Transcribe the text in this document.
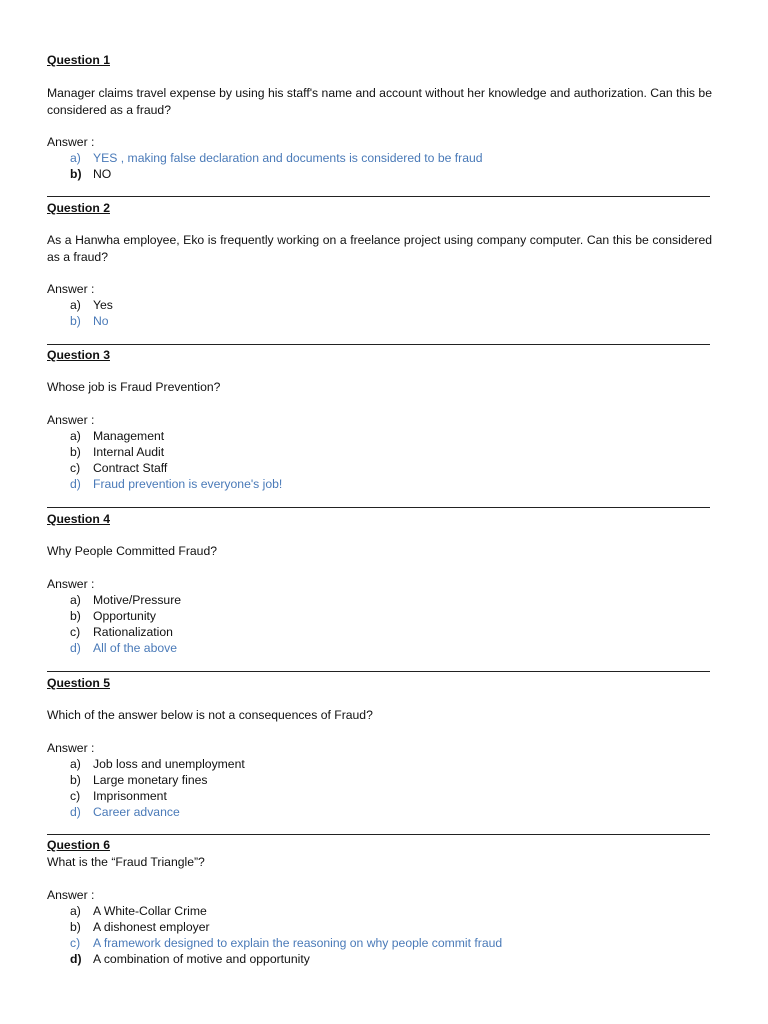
Question 1
Manager claims travel expense by using his staff's name and account without her knowledge and authorization. Can this be considered as a fraud?
Answer :
a) YES , making false declaration and documents is considered to be fraud
b) NO
Question 2
As a Hanwha employee, Eko is frequently working on a freelance project using company computer. Can this be considered as a fraud?
Answer :
a) Yes
b) No
Question 3
Whose job is Fraud Prevention?
Answer :
a) Management
b) Internal Audit
c) Contract Staff
d) Fraud prevention is everyone's job!
Question 4
Why People Committed Fraud?
Answer :
a) Motive/Pressure
b) Opportunity
c) Rationalization
d) All of the above
Question 5
Which of the answer below is not a consequences of Fraud?
Answer :
a) Job loss and unemployment
b) Large monetary fines
c) Imprisonment
d) Career advance
Question 6
What is the “Fraud Triangle”?
Answer :
a) A White-Collar Crime
b) A dishonest employer
c) A framework designed to explain the reasoning on why people commit fraud
d) A combination of motive and opportunity
